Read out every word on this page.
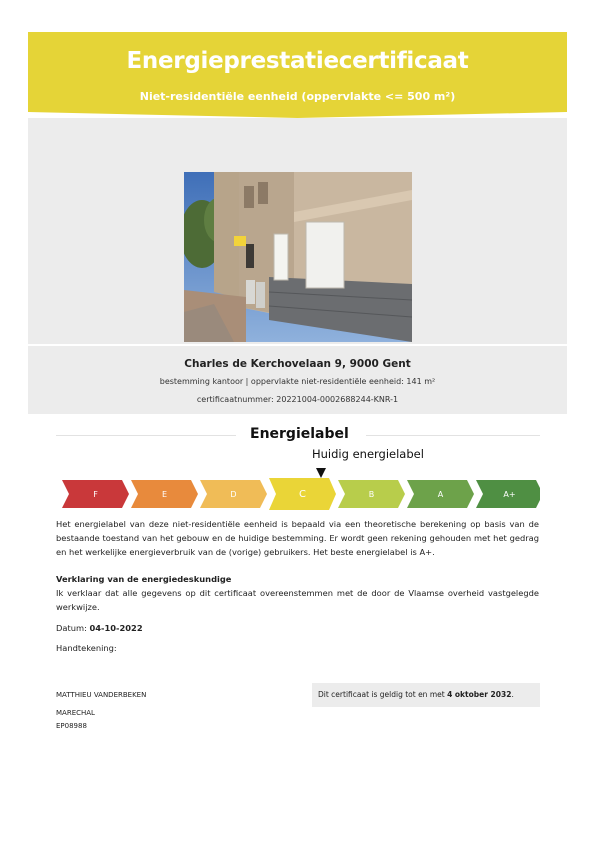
Energieprestatiecertificaat
Niet-residentiële eenheid (oppervlakte <= 500 m²)
Charles de Kerchovelaan 9, 9000 Gent
bestemming kantoor | oppervlakte niet-residentiële eenheid: 141 m²
certificaatnummer: 20221004-0002688244-KNR-1
Energielabel
Huidig energielabel
F	E	D	C	B	A	A+
Het energielabel van deze niet-residentiële eenheid is bepaald via een theoretische berekening op basis van de bestaande toestand van het gebouw en de huidige bestemming. Er wordt geen rekening gehouden met het gedrag en het werkelijke energieverbruik van de (vorige) gebruikers. Het beste energielabel is A+.
Verklaring van de energiedeskundige
Ik verklaar dat alle gegevens op dit certificaat overeenstemmen met de door de Vlaamse overheid vastgelegde werkwijze.
Datum: 04-10-2022
Handtekening:
Dit certificaat is geldig tot en met 4 oktober 2032.
MATTHIEU VANDERBEKEN
MARECHAL
EP08988
